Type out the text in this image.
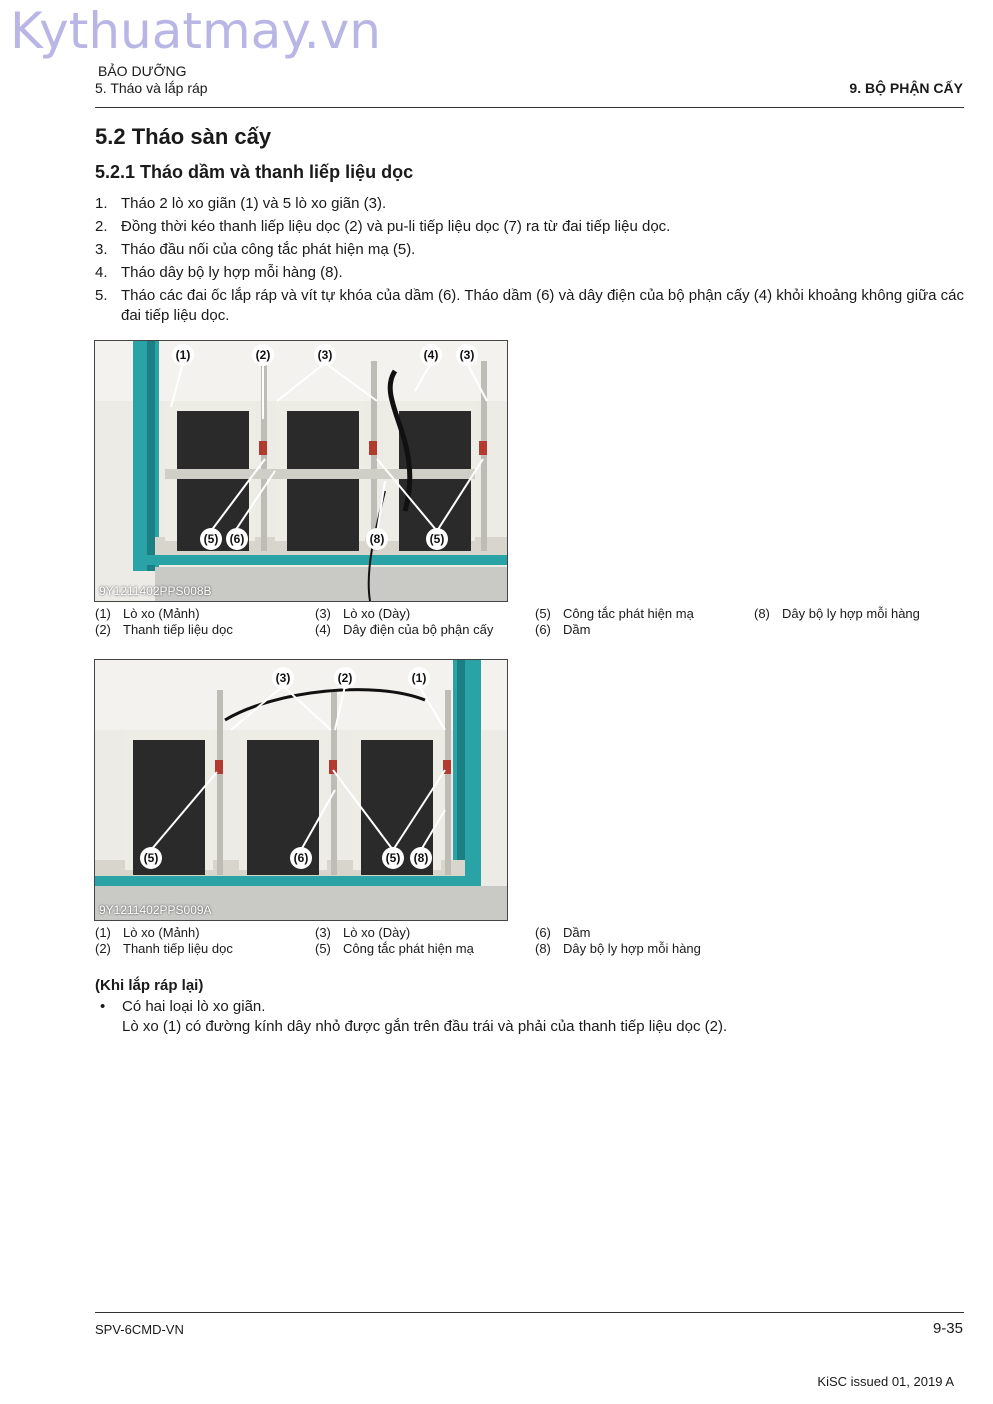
Kythuatmay.vn
BẢO DƯỠNG
5. Tháo và lắp ráp	9. BỘ PHẬN CẤY
5.2 Tháo sàn cấy
5.2.1 Tháo dầm và thanh liếp liệu dọc
1. Tháo 2 lò xo giãn (1) và 5 lò xo giãn (3).
2. Đồng thời kéo thanh liếp liệu dọc (2) và pu-li tiếp liệu dọc (7) ra từ đai tiếp liệu dọc.
3. Tháo đầu nối của công tắc phát hiện mạ (5).
4. Tháo dây bộ ly hợp mỗi hàng (8).
5. Tháo các đai ốc lắp ráp và vít tự khóa của dầm (6). Tháo dầm (6) và dây điện của bộ phận cấy (4) khỏi khoảng không giữa các đai tiếp liệu dọc.
(1)	(2)	(3)	(4) (3)
(5) (6)	(8)	(5)
9Y1211402PPS008B
(1) Lò xo (Mảnh)
(2) Thanh tiếp liệu dọc
(3) Lò xo (Dày)
(4) Dây điện của bộ phận cấy
(5) Công tắc phát hiện mạ
(6) Dầm
(8) Dây bộ ly hợp mỗi hàng
(3)	(2)	(1)
(5)	(6)	(5) (8)
9Y1211402PPS009A
(1) Lò xo (Mảnh)
(2) Thanh tiếp liệu dọc
(3) Lò xo (Dày)
(5) Công tắc phát hiện mạ
(6) Dầm
(8) Dây bộ ly hợp mỗi hàng
(Khi lắp ráp lại)
• Có hai loại lò xo giãn.
Lò xo (1) có đường kính dây nhỏ được gắn trên đầu trái và phải của thanh tiếp liệu dọc (2).
SPV-6CMD-VN	9-35
KiSC issued 01, 2019 A
